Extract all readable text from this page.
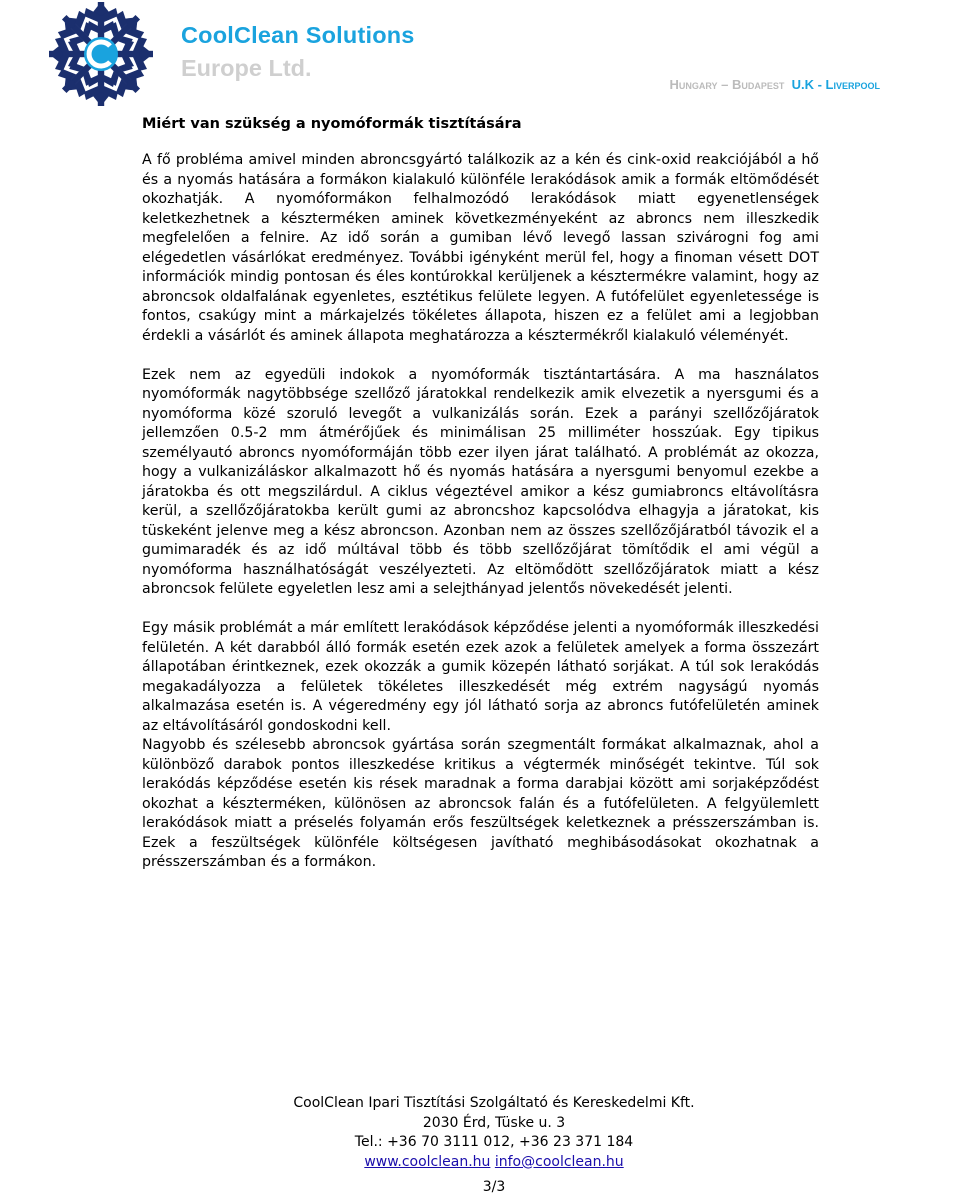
CoolClean Solutions
Europe Ltd.
Hungary – Budapest U.K - Liverpool
Miért van szükség a nyomóformák tisztítására

A fő probléma amivel minden abroncsgyártó találkozik az a kén és cink-oxid reakciójából a hő és a nyomás hatására a formákon kialakuló különféle lerakódások amik a formák eltömődését okozhatják. A nyomóformákon felhalmozódó lerakódások miatt egyenetlenségek keletkezhetnek a készterméken aminek következményeként az abroncs nem illeszkedik megfelelően a felnire. Az idő során a gumiban lévő levegő lassan szivárogni fog ami elégedetlen vásárlókat eredményez. További igényként merül fel, hogy a finoman vésett DOT információk mindig pontosan és éles kontúrokkal kerüljenek a késztermékre valamint, hogy az abroncsok oldalfalának egyenletes, esztétikus felülete legyen. A futófelület egyenletessége is fontos, csakúgy mint a márkajelzés tökéletes állapota, hiszen ez a felület ami a legjobban érdekli a vásárlót és aminek állapota meghatározza a késztermékről kialakuló véleményét.

Ezek nem az egyedüli indokok a nyomóformák tisztántartására. A ma használatos nyomóformák nagytöbbsége szellőző járatokkal rendelkezik amik elvezetik a nyersgumi és a nyomóforma közé szoruló levegőt a vulkanizálás során. Ezek a parányi szellőzőjáratok jellemzően 0.5-2 mm átmérőjűek és minimálisan 25 milliméter hosszúak. Egy tipikus személyautó abroncs nyomóformáján több ezer ilyen járat található. A problémát az okozza, hogy a vulkanizáláskor alkalmazott hő és nyomás hatására a nyersgumi benyomul ezekbe a járatokba és ott megszilárdul. A ciklus végeztével amikor a kész gumiabroncs eltávolításra kerül, a szellőzőjáratokba került gumi az abroncshoz kapcsolódva elhagyja a járatokat, kis tüskeként jelenve meg a kész abroncson. Azonban nem az összes szellőzőjáratból távozik el a gumimaradék és az idő múltával több és több szellőzőjárat tömítődik el ami végül a nyomóforma használhatóságát veszélyezteti. Az eltömődött szellőzőjáratok miatt a kész abroncsok felülete egyeletlen lesz ami a selejthányad jelentős növekedését jelenti.

Egy másik problémát a már említett lerakódások képződése jelenti a nyomóformák illeszkedési felületén. A két darabból álló formák esetén ezek azok a felületek amelyek a forma összezárt állapotában érintkeznek, ezek okozzák a gumik közepén látható sorjákat. A túl sok lerakódás megakadályozza a felületek tökéletes illeszkedését még extrém nagyságú nyomás alkalmazása esetén is. A végeredmény egy jól látható sorja az abroncs futófelületén aminek az eltávolításáról gondoskodni kell.

Nagyobb és szélesebb abroncsok gyártása során szegmentált formákat alkalmaznak, ahol a különböző darabok pontos illeszkedése kritikus a végtermék minőségét tekintve. Túl sok lerakódás képződése esetén kis rések maradnak a forma darabjai között ami sorjaképződést okozhat a készterméken, különösen az abroncsok falán és a futófelületen. A felgyülemlett lerakódások miatt a préselés folyamán erős feszültségek keletkeznek a présszerszámban is. Ezek a feszültségek különféle költségesen javítható meghibásodásokat okozhatnak a présszerszámban és a formákon.

CoolClean Ipari Tisztítási Szolgáltató és Kereskedelmi Kft.
2030 Érd, Tüske u. 3
Tel.: +36 70 3111 012, +36 23 371 184
www.coolclean.hu info@coolclean.hu
3/3
